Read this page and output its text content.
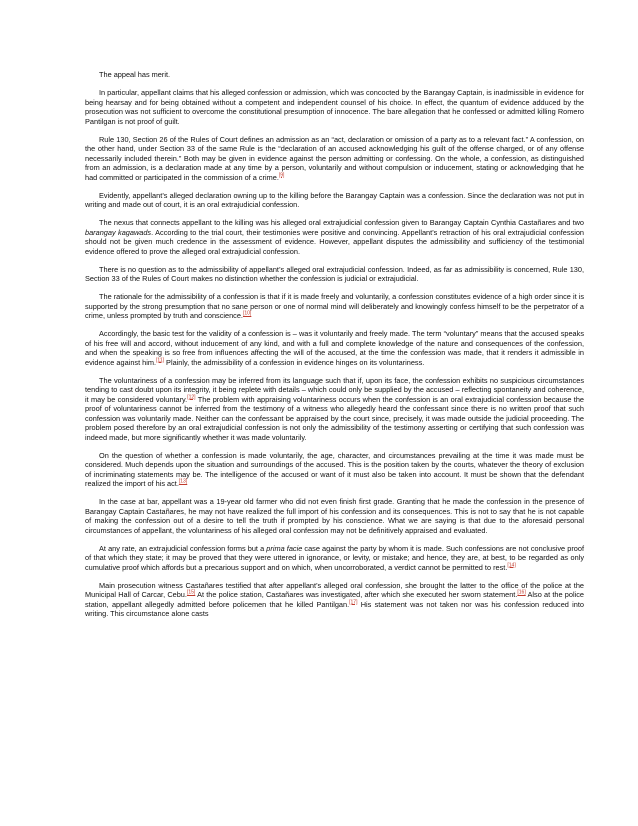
The appeal has merit.

In particular, appellant claims that his alleged confession or admission, which was concocted by the Barangay Captain, is inadmissible in evidence for being hearsay and for being obtained without a competent and independent counsel of his choice. In effect, the quantum of evidence adduced by the prosecution was not sufficient to overcome the constitutional presumption of innocence. The bare allegation that he confessed or admitted killing Romero Pantilgan is not proof of guilt.

Rule 130, Section 26 of the Rules of Court defines an admission as an “act, declaration or omission of a party as to a relevant fact.” A confession, on the other hand, under Section 33 of the same Rule is the “declaration of an accused acknowledging his guilt of the offense charged, or of any offense necessarily included therein.” Both may be given in evidence against the person admitting or confessing. On the whole, a confession, as distinguished from an admission, is a declaration made at any time by a person, voluntarily and without compulsion or inducement, stating or acknowledging that he had committed or participated in the commission of a crime.[9]

Evidently, appellant’s alleged declaration owning up to the killing before the Barangay Captain was a confession. Since the declaration was not put in writing and made out of court, it is an oral extrajudicial confession.

The nexus that connects appellant to the killing was his alleged oral extrajudicial confession given to Barangay Captain Cynthia Castañares and two barangay kagawads. According to the trial court, their testimonies were positive and convincing. Appellant’s retraction of his oral extrajudicial confession should not be given much credence in the assessment of evidence. However, appellant disputes the admissibility and sufficiency of the testimonial evidence offered to prove the alleged oral extrajudicial confession.

There is no question as to the admissibility of appellant’s alleged oral extrajudicial confession. Indeed, as far as admissibility is concerned, Rule 130, Section 33 of the Rules of Court makes no distinction whether the confession is judicial or extrajudicial.

The rationale for the admissibility of a confession is that if it is made freely and voluntarily, a confession constitutes evidence of a high order since it is supported by the strong presumption that no sane person or one of normal mind will deliberately and knowingly confess himself to be the perpetrator of a crime, unless prompted by truth and conscience.[10]

Accordingly, the basic test for the validity of a confession is – was it voluntarily and freely made. The term “voluntary” means that the accused speaks of his free will and accord, without inducement of any kind, and with a full and complete knowledge of the nature and consequences of the confession, and when the speaking is so free from influences affecting the will of the accused, at the time the confession was made, that it renders it admissible in evidence against him.[11] Plainly, the admissibility of a confession in evidence hinges on its voluntariness.

The voluntariness of a confession may be inferred from its language such that if, upon its face, the confession exhibits no suspicious circumstances tending to cast doubt upon its integrity, it being replete with details – which could only be supplied by the accused – reflecting spontaneity and coherence, it may be considered voluntary.[12] The problem with appraising voluntariness occurs when the confession is an oral extrajudicial confession because the proof of voluntariness cannot be inferred from the testimony of a witness who allegedly heard the confessant since there is no written proof that such confession was voluntarily made. Neither can the confessant be appraised by the court since, precisely, it was made outside the judicial proceeding. The problem posed therefore by an oral extrajudicial confession is not only the admissibility of the testimony asserting or certifying that such confession was indeed made, but more significantly whether it was made voluntarily.

On the question of whether a confession is made voluntarily, the age, character, and circumstances prevailing at the time it was made must be considered. Much depends upon the situation and surroundings of the accused. This is the position taken by the courts, whatever the theory of exclusion of incriminating statements may be. The intelligence of the accused or want of it must also be taken into account. It must be shown that the defendant realized the import of his act.[13]

In the case at bar, appellant was a 19-year old farmer who did not even finish first grade. Granting that he made the confession in the presence of Barangay Captain Castañares, he may not have realized the full import of his confession and its consequences. This is not to say that he is not capable of making the confession out of a desire to tell the truth if prompted by his conscience. What we are saying is that due to the aforesaid personal circumstances of appellant, the voluntariness of his alleged oral confession may not be definitively appraised and evaluated.

At any rate, an extrajudicial confession forms but a prima facie case against the party by whom it is made. Such confessions are not conclusive proof of that which they state; it may be proved that they were uttered in ignorance, or levity, or mistake; and hence, they are, at best, to be regarded as only cumulative proof which affords but a precarious support and on which, when uncorroborated, a verdict cannot be permitted to rest.[14]

Main prosecution witness Castañares testified that after appellant’s alleged oral confession, she brought the latter to the office of the police at the Municipal Hall of Carcar, Cebu.[15] At the police station, Castañares was investigated, after which she executed her sworn statement.[16] Also at the police station, appellant allegedly admitted before policemen that he killed Pantilgan.[17] His statement was not taken nor was his confession reduced into writing. This circumstance alone casts
